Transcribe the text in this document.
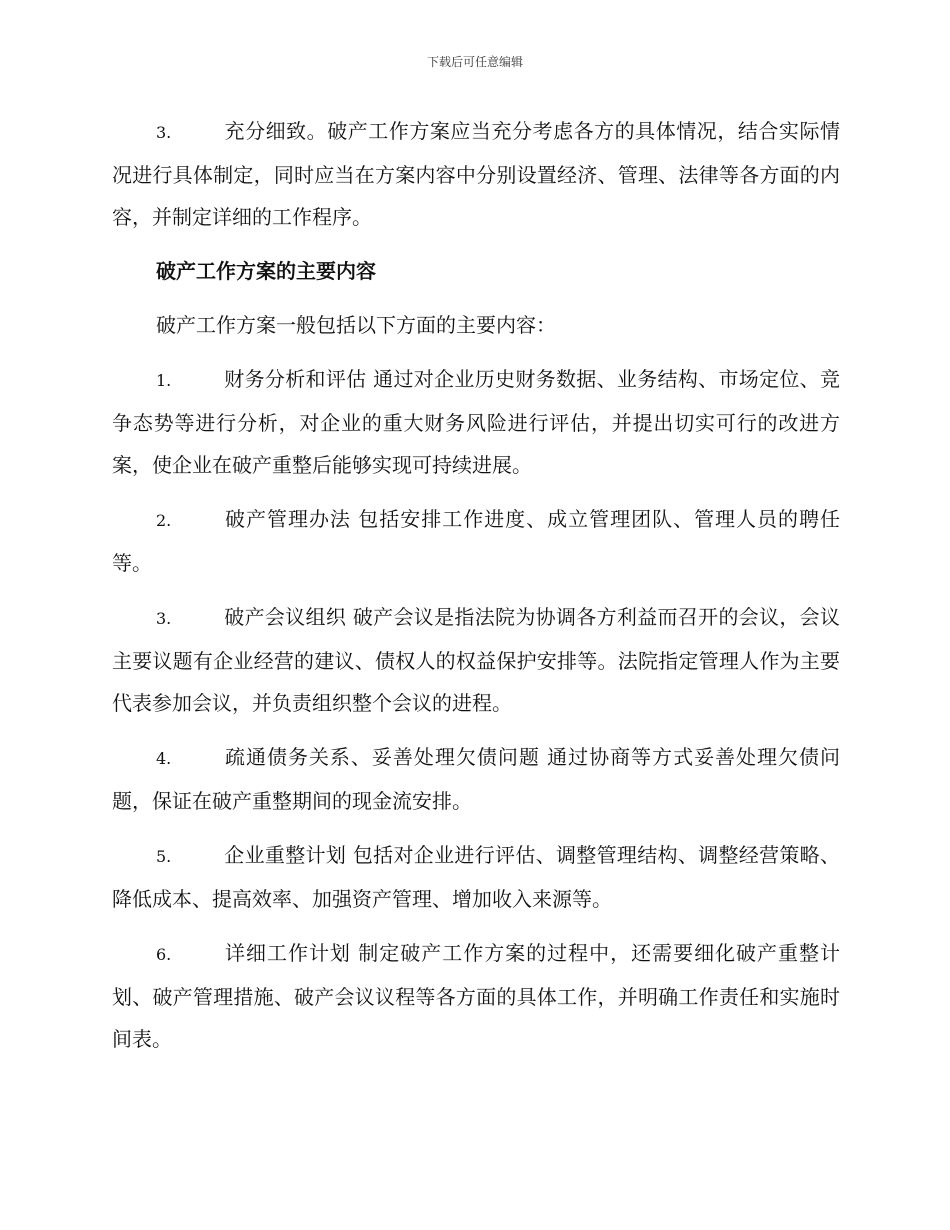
下载后可任意编辑

3.	充分细致。破产工作方案应当充分考虑各方的具体情况，结合实际情况进行具体制定，同时应当在方案内容中分别设置经济、管理、法律等各方面的内容，并制定详细的工作程序。

破产工作方案的主要内容

破产工作方案一般包括以下方面的主要内容：

1.	财务分析和评估 通过对企业历史财务数据、业务结构、市场定位、竞争态势等进行分析，对企业的重大财务风险进行评估，并提出切实可行的改进方案，使企业在破产重整后能够实现可持续进展。

2.	破产管理办法 包括安排工作进度、成立管理团队、管理人员的聘任等。

3.	破产会议组织 破产会议是指法院为协调各方利益而召开的会议，会议主要议题有企业经营的建议、债权人的权益保护安排等。法院指定管理人作为主要代表参加会议，并负责组织整个会议的进程。

4.	疏通债务关系、妥善处理欠债问题 通过协商等方式妥善处理欠债问题，保证在破产重整期间的现金流安排。

5.	企业重整计划 包括对企业进行评估、调整管理结构、调整经营策略、降低成本、提高效率、加强资产管理、增加收入来源等。

6.	详细工作计划 制定破产工作方案的过程中，还需要细化破产重整计划、破产管理措施、破产会议议程等各方面的具体工作，并明确工作责任和实施时间表。
